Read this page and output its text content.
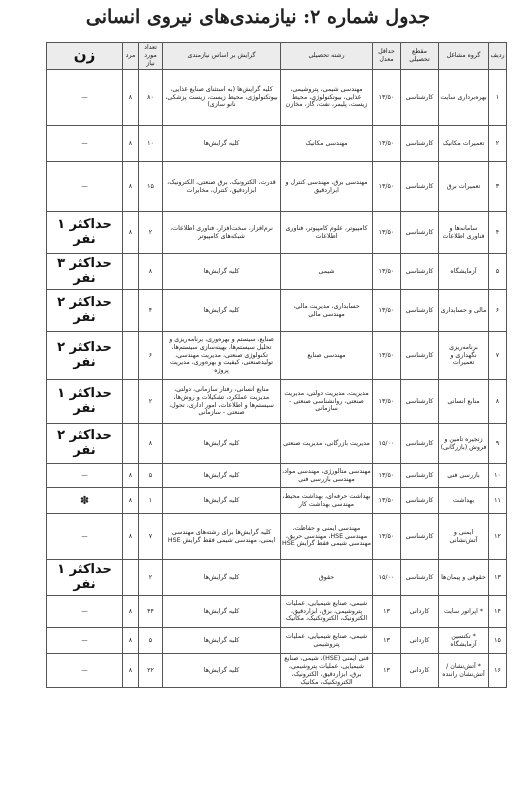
جدول شماره ۲: نیازمندی‌های نیروی انسانی
ردیف	گروه مشاغل	مقطع تحصیلی	حداقل معدل	رشته تحصیلی	گرایش بر اساس نیازمندی	تعداد مورد نیاز	مرد	زن
۱	بهره‌برداری سایت	کارشناسی	۱۳/۵۰	مهندسی شیمی، پتروشیمی، غذایی، بیوتکنولوژی، محیط زیست، پلیمر، نفت، گاز، مخازن	کلیه گرایش‌ها (به استثنای صنایع غذایی، بیوتکنولوژی، محیط زیست، زیست پزشکی، نانو سازی)	۸۰	۸	—
۲	تعمیرات مکانیک	کارشناسی	۱۳/۵۰	مهندسی مکانیک	کلیه گرایش‌ها	۱۰	۸	—
۳	تعمیرات برق	کارشناسی	۱۳/۵۰	مهندسی برق، مهندسی کنترل و ابزاردقیق	قدرت، الکترونیک، برق صنعتی، الکترونیک، ابزاردقیق، کنترل، مخابرات	۱۵	۸	—
۴	سامانه‌ها و فناوری اطلاعات	کارشناسی	۱۳/۵۰	کامپیوتر، علوم کامپیوتر، فناوری اطلاعات	نرم‌افزار، سخت‌افزار، فناوری اطلاعات، شبکه‌های کامپیوتر	۲	۸	حداکثر ۱ نفر
۵	آزمایشگاه	کارشناسی	۱۳/۵۰	شیمی	کلیه گرایش‌ها	۸		حداکثر ۳ نفر
۶	مالی و حسابداری	کارشناسی	۱۳/۵۰	حسابداری، مدیریت مالی، مهندسی مالی	کلیه گرایش‌ها	۴		حداکثر ۲ نفر
۷	برنامه‌ریزی نگهداری و تعمیرات	کارشناسی	۱۳/۵۰	مهندسی صنایع	صنایع، سیستم و بهره‌وری، برنامه‌ریزی و تحلیل سیستم‌ها، بهینه‌سازی سیستم‌ها، تکنولوژی صنعتی، مدیریت مهندسی، تولیدصنعتی، کیفیت و بهره‌وری، مدیریت پروژه	۶		حداکثر ۲ نفر
۸	منابع انسانی	کارشناسی	۱۳/۵۰	مدیریت، مدیریت دولتی، مدیریت صنعتی، روانشناسی صنعتی - سازمانی	منابع انسانی، رفتار سازمانی، دولتی، مدیریت عملکرد، تشکیلات و روش‌ها، سیستم‌ها و اطلاعات، امور اداری، تحول، صنعتی - سازمانی	۲		حداکثر ۱ نفر
۹	زنجیره تامین و فروش (بازرگانی)	کارشناسی	۱۵/۰۰	مدیریت بازرگانی، مدیریت صنعتی	کلیه گرایش‌ها	۸		حداکثر ۲ نفر
۱۰	بازرسی فنی	کارشناسی	۱۳/۵۰	مهندسی متالورژی، مهندسی مواد، مهندسی بازرسی فنی	کلیه گرایش‌ها	۵	۸	—
۱۱	بهداشت	کارشناسی	۱۳/۵۰	بهداشت حرفه‌ای، بهداشت محیط، مهندسی بهداشت کار	کلیه گرایش‌ها	۱	۸	✽
۱۲	ایمنی و آتش‌نشانی	کارشناسی	۱۳/۵۰	مهندسی ایمنی و حفاظت، مهندسی HSE، مهندسی حریق، مهندسی شیمی فقط گرایش HSE	کلیه گرایش‌ها برای رشته‌های مهندسی ایمنی، مهندسی شیمی فقط گرایش HSE	۷	۸	—
۱۳	حقوقی و پیمان‌ها	کارشناسی	۱۵/۰۰	حقوق	کلیه گرایش‌ها	۲		حداکثر ۱ نفر
۱۴	* اپراتور سایت	کاردانی	۱۳	شیمی، صنایع شیمیایی، عملیات پتروشیمی، برق، ابزاردقیق، الکترونیک، الکتروتکنیک، مکانیک	کلیه گرایش‌ها	۴۴	۸	—
۱۵	* تکنسین آزمایشگاه	کاردانی	۱۳	شیمی، صنایع شیمیایی، عملیات پتروشیمی	کلیه گرایش‌ها	۵	۸	—
۱۶	* آتش‌نشان / آتش‌نشان راننده	کاردانی	۱۳	فنی ایمنی (HSE)، شیمی، صنایع شیمیایی، عملیات پتروشیمی، برق، ابزاردقیق، الکترونیک، الکتروتکنیک، مکانیک	کلیه گرایش‌ها	۲۲	۸	—
